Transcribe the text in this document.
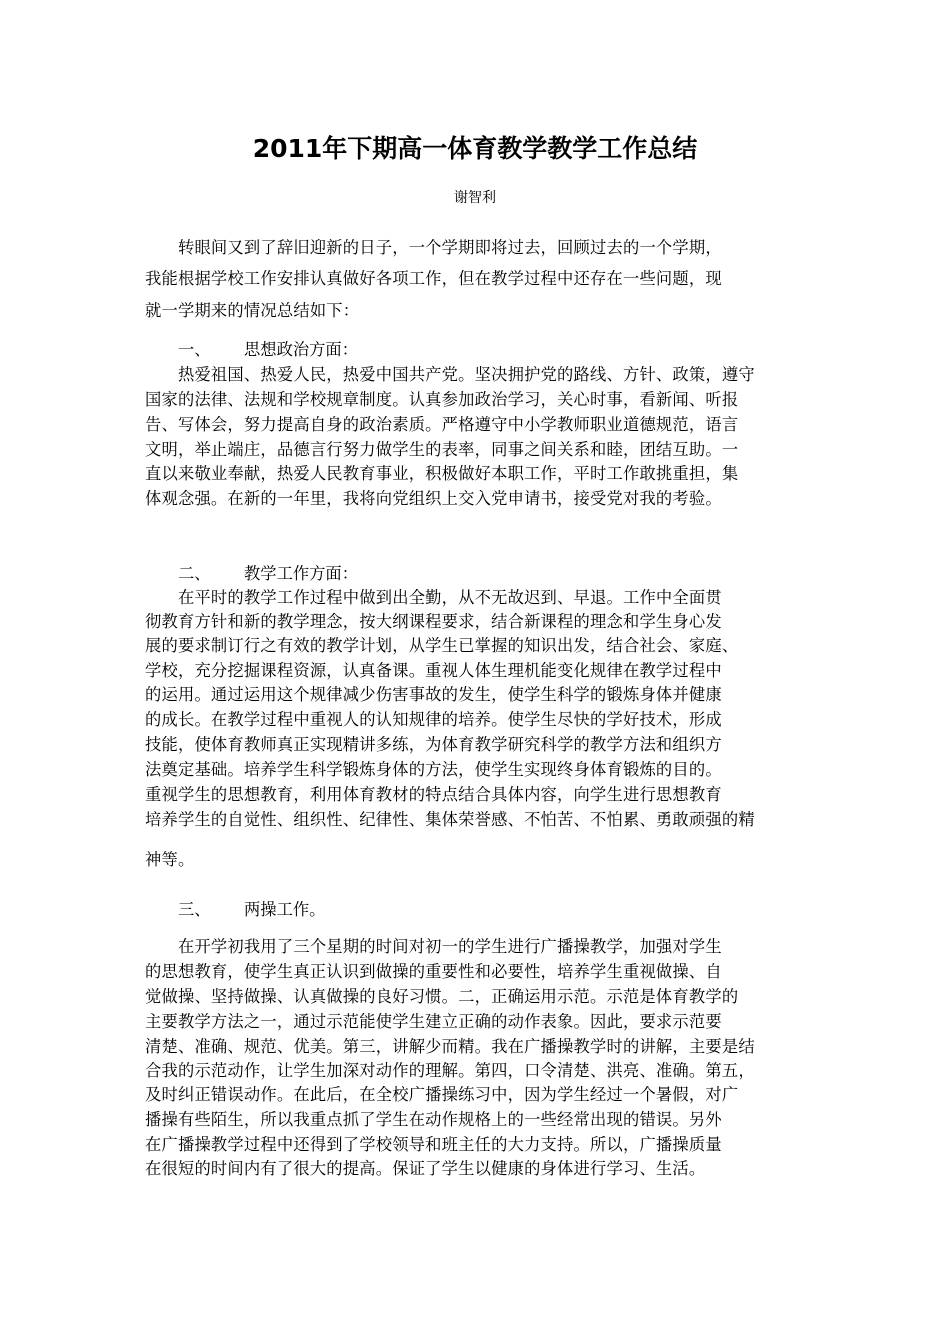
2011年下期高一体育教学教学工作总结
谢智利
　　转眼间又到了辞旧迎新的日子，一个学期即将过去，回顾过去的一个学期，
我能根据学校工作安排认真做好各项工作，但在教学过程中还存在一些问题，现
就一学期来的情况总结如下：
一、 思想政治方面：
　　热爱祖国、热爱人民，热爱中国共产党。坚决拥护党的路线、方针、政策，遵守
国家的法律、法规和学校规章制度。认真参加政治学习，关心时事，看新闻、听报
告、写体会，努力提高自身的政治素质。严格遵守中小学教师职业道德规范，语言
文明，举止端庄，品德言行努力做学生的表率，同事之间关系和睦，团结互助。一
直以来敬业奉献，热爱人民教育事业，积极做好本职工作，平时工作敢挑重担，集
体观念强。在新的一年里，我将向党组织上交入党申请书，接受党对我的考验。
二、 教学工作方面：
　　在平时的教学工作过程中做到出全勤，从不无故迟到、早退。工作中全面贯
彻教育方针和新的教学理念，按大纲课程要求，结合新课程的理念和学生身心发
展的要求制订行之有效的教学计划，从学生已掌握的知识出发，结合社会、家庭、
学校，充分挖掘课程资源，认真备课。重视人体生理机能变化规律在教学过程中
的运用。通过运用这个规律减少伤害事故的发生，使学生科学的锻炼身体并健康
的成长。在教学过程中重视人的认知规律的培养。使学生尽快的学好技术，形成
技能，使体育教师真正实现精讲多练，为体育教学研究科学的教学方法和组织方
法奠定基础。培养学生科学锻炼身体的方法，使学生实现终身体育锻炼的目的。
重视学生的思想教育，利用体育教材的特点结合具体内容，向学生进行思想教育
培养学生的自觉性、组织性、纪律性、集体荣誉感、不怕苦、不怕累、勇敢顽强的精
神等。
三、 两操工作。
　　在开学初我用了三个星期的时间对初一的学生进行广播操教学，加强对学生
的思想教育，使学生真正认识到做操的重要性和必要性，培养学生重视做操、自
觉做操、坚持做操、认真做操的良好习惯。二，正确运用示范。示范是体育教学的
主要教学方法之一，通过示范能使学生建立正确的动作表象。因此，要求示范要
清楚、准确、规范、优美。第三，讲解少而精。我在广播操教学时的讲解，主要是结
合我的示范动作，让学生加深对动作的理解。第四，口令清楚、洪亮、准确。第五，
及时纠正错误动作。在此后，在全校广播操练习中，因为学生经过一个暑假，对广
播操有些陌生，所以我重点抓了学生在动作规格上的一些经常出现的错误。另外
在广播操教学过程中还得到了学校领导和班主任的大力支持。所以，广播操质量
在很短的时间内有了很大的提高。保证了学生以健康的身体进行学习、生活。
